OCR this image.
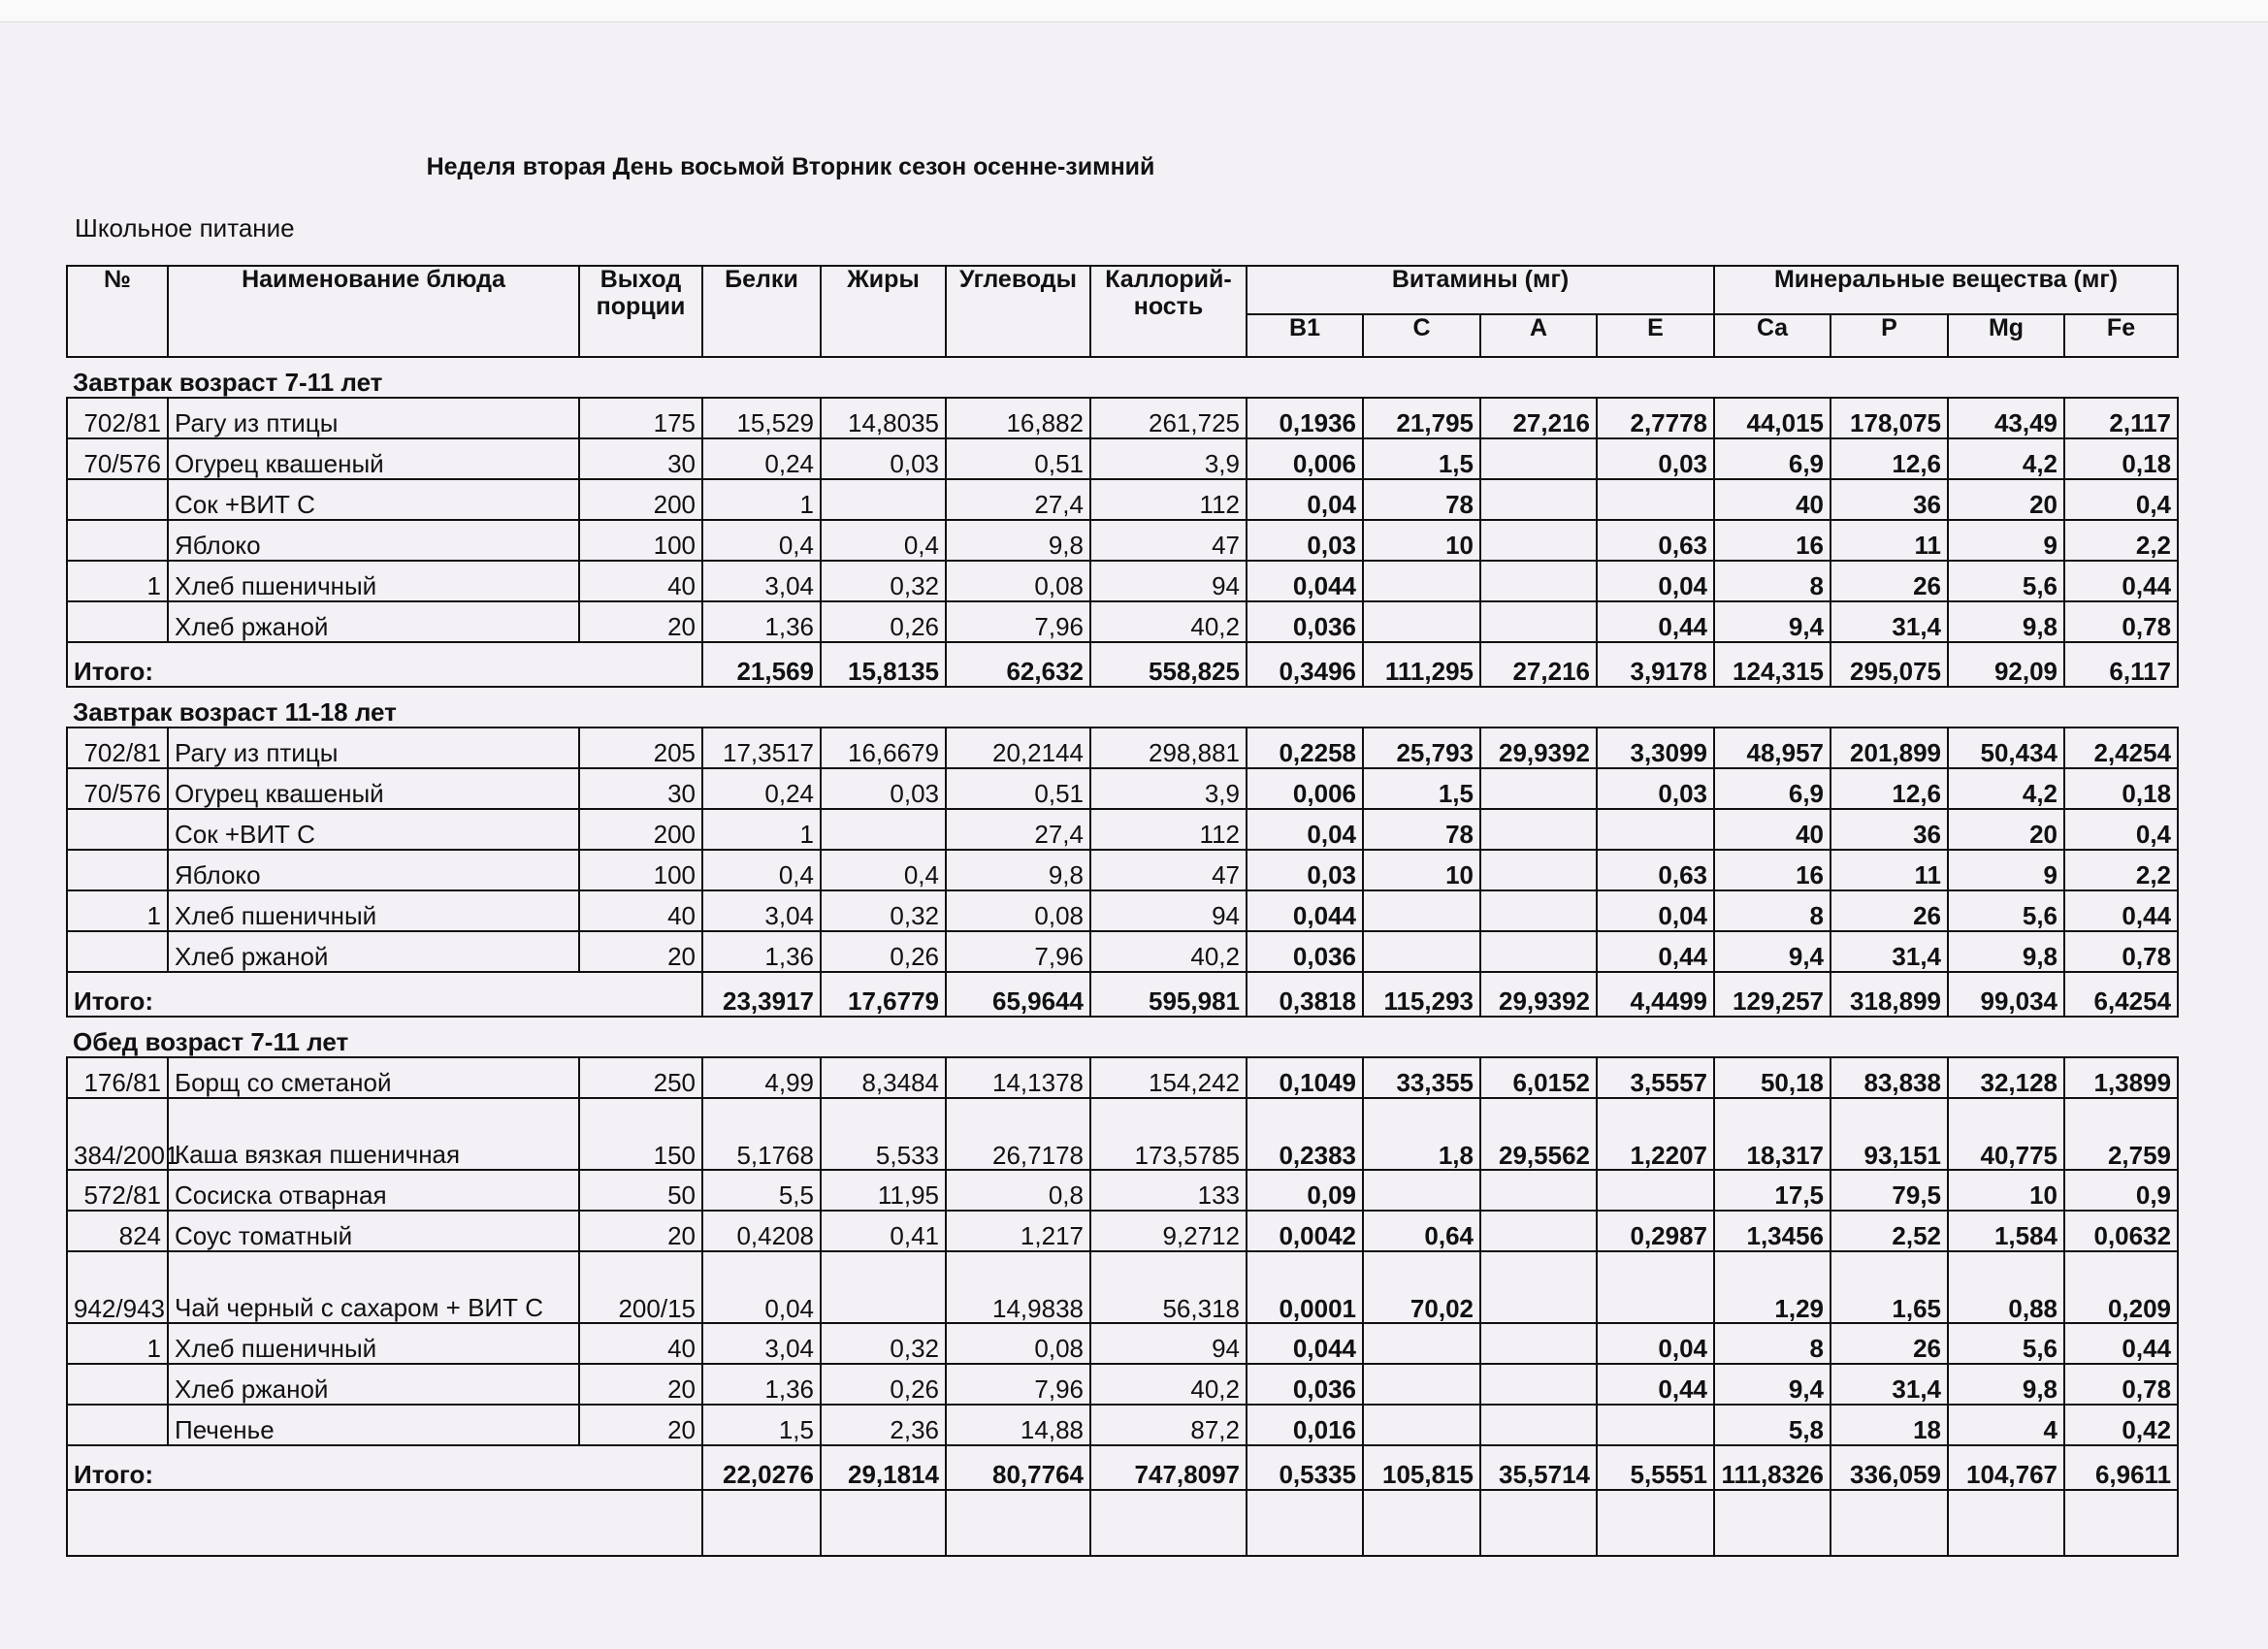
Неделя вторая День восьмой Вторник сезон осенне-зимний
Школьное питание
№	Наименование блюда	Выход порции	Белки	Жиры	Углеводы	Каллорий-ность	Витамины (мг)				Минеральные вещества (мг)			
							B1	C	A	E	Ca	P	Mg	Fe
Завтрак возраст 7-11 лет														
702/81	Рагу из птицы	175	15,529	14,8035	16,882	261,725	0,1936	21,795	27,216	2,7778	44,015	178,075	43,49	2,117
70/576	Огурец квашеный	30	0,24	0,03	0,51	3,9	0,006	1,5		0,03	6,9	12,6	4,2	0,18
	Сок +ВИТ С	200	1		27,4	112	0,04	78			40	36	20	0,4
	Яблоко	100	0,4	0,4	9,8	47	0,03	10		0,63	16	11	9	2,2
1	Хлеб пшеничный	40	3,04	0,32	0,08	94	0,044			0,04	8	26	5,6	0,44
	Хлеб ржаной	20	1,36	0,26	7,96	40,2	0,036			0,44	9,4	31,4	9,8	0,78
Итого:			21,569	15,8135	62,632	558,825	0,3496	111,295	27,216	3,9178	124,315	295,075	92,09	6,117
Завтрак возраст 11-18 лет														
702/81	Рагу из птицы	205	17,3517	16,6679	20,2144	298,881	0,2258	25,793	29,9392	3,3099	48,957	201,899	50,434	2,4254
70/576	Огурец квашеный	30	0,24	0,03	0,51	3,9	0,006	1,5		0,03	6,9	12,6	4,2	0,18
	Сок +ВИТ С	200	1		27,4	112	0,04	78			40	36	20	0,4
	Яблоко	100	0,4	0,4	9,8	47	0,03	10		0,63	16	11	9	2,2
1	Хлеб пшеничный	40	3,04	0,32	0,08	94	0,044			0,04	8	26	5,6	0,44
	Хлеб ржаной	20	1,36	0,26	7,96	40,2	0,036			0,44	9,4	31,4	9,8	0,78
Итого:			23,3917	17,6779	65,9644	595,981	0,3818	115,293	29,9392	4,4499	129,257	318,899	99,034	6,4254
Обед возраст 7-11 лет														
176/81	Борщ со сметаной	250	4,99	8,3484	14,1378	154,242	0,1049	33,355	6,0152	3,5557	50,18	83,838	32,128	1,3899
384/2001	Каша вязкая пшеничная	150	5,1768	5,533	26,7178	173,5785	0,2383	1,8	29,5562	1,2207	18,317	93,151	40,775	2,759
572/81	Сосиска отварная	50	5,5	11,95	0,8	133	0,09				17,5	79,5	10	0,9
824	Соус томатный	20	0,4208	0,41	1,217	9,2712	0,0042	0,64		0,2987	1,3456	2,52	1,584	0,0632
942/943	Чай черный с сахаром + ВИТ С	200/15	0,04		14,9838	56,318	0,0001	70,02			1,29	1,65	0,88	0,209
1	Хлеб пшеничный	40	3,04	0,32	0,08	94	0,044			0,04	8	26	5,6	0,44
	Хлеб ржаной	20	1,36	0,26	7,96	40,2	0,036			0,44	9,4	31,4	9,8	0,78
	Печенье	20	1,5	2,36	14,88	87,2	0,016				5,8	18	4	0,42
Итого:			22,0276	29,1814	80,7764	747,8097	0,5335	105,815	35,5714	5,5551	111,8326	336,059	104,767	6,9611
